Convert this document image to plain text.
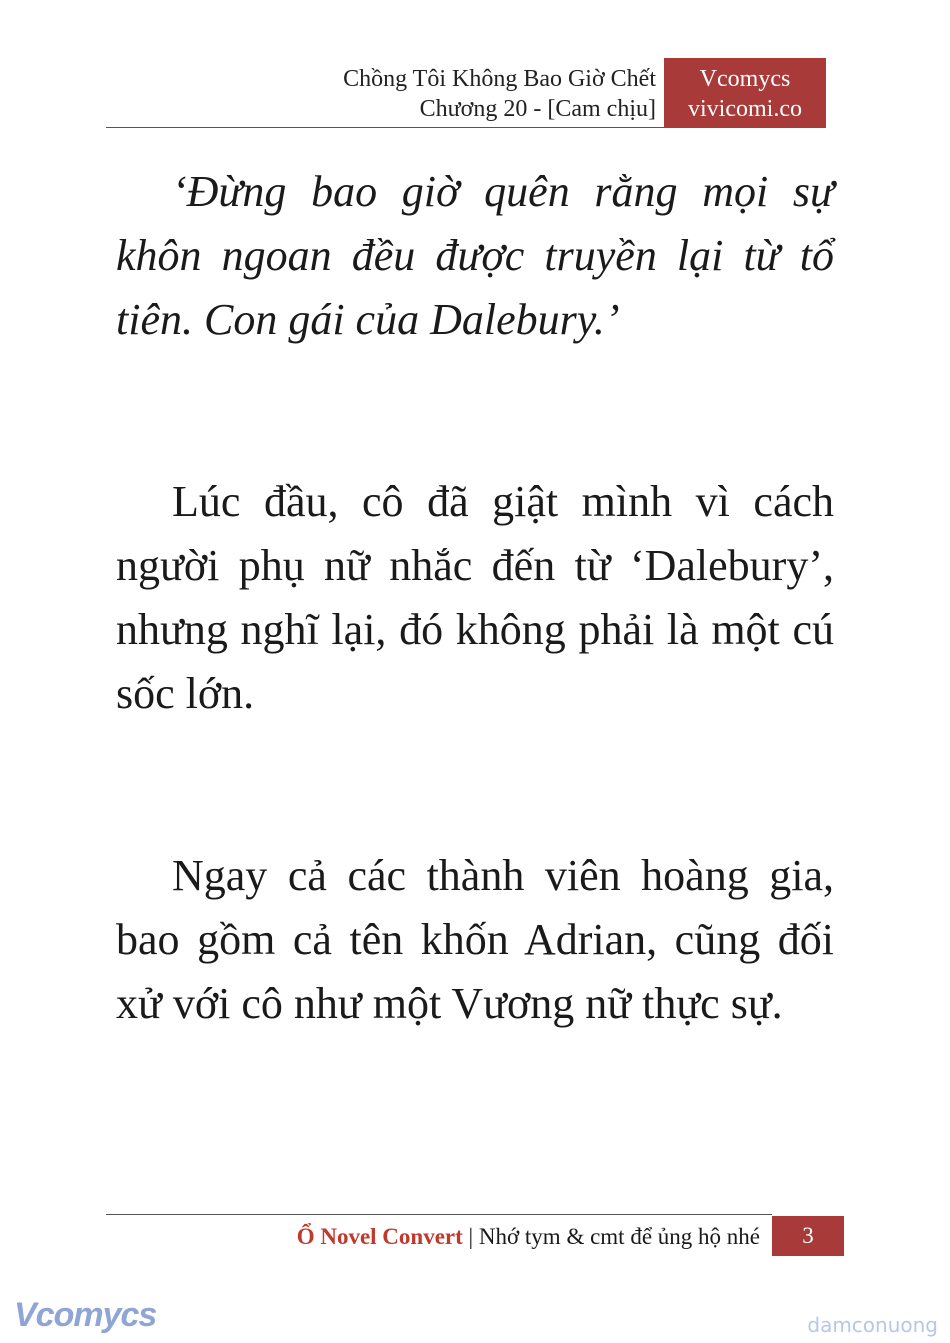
Chồng Tôi Không Bao Giờ Chết
Chương 20 - [Cam chịu]
Vcomycs
vivicomi.co

‘Đừng bao giờ quên rằng mọi sự khôn ngoan đều được truyền lại từ tổ tiên. Con gái của Dalebury.’

Lúc đầu, cô đã giật mình vì cách người phụ nữ nhắc đến từ ‘Dalebury’, nhưng nghĩ lại, đó không phải là một cú sốc lớn.

Ngay cả các thành viên hoàng gia, bao gồm cả tên khốn Adrian, cũng đối xử với cô như một Vương nữ thực sự.

Ổ Novel Convert | Nhớ tym & cmt để ủng hộ nhé	3
Vcomycs	damconuong
